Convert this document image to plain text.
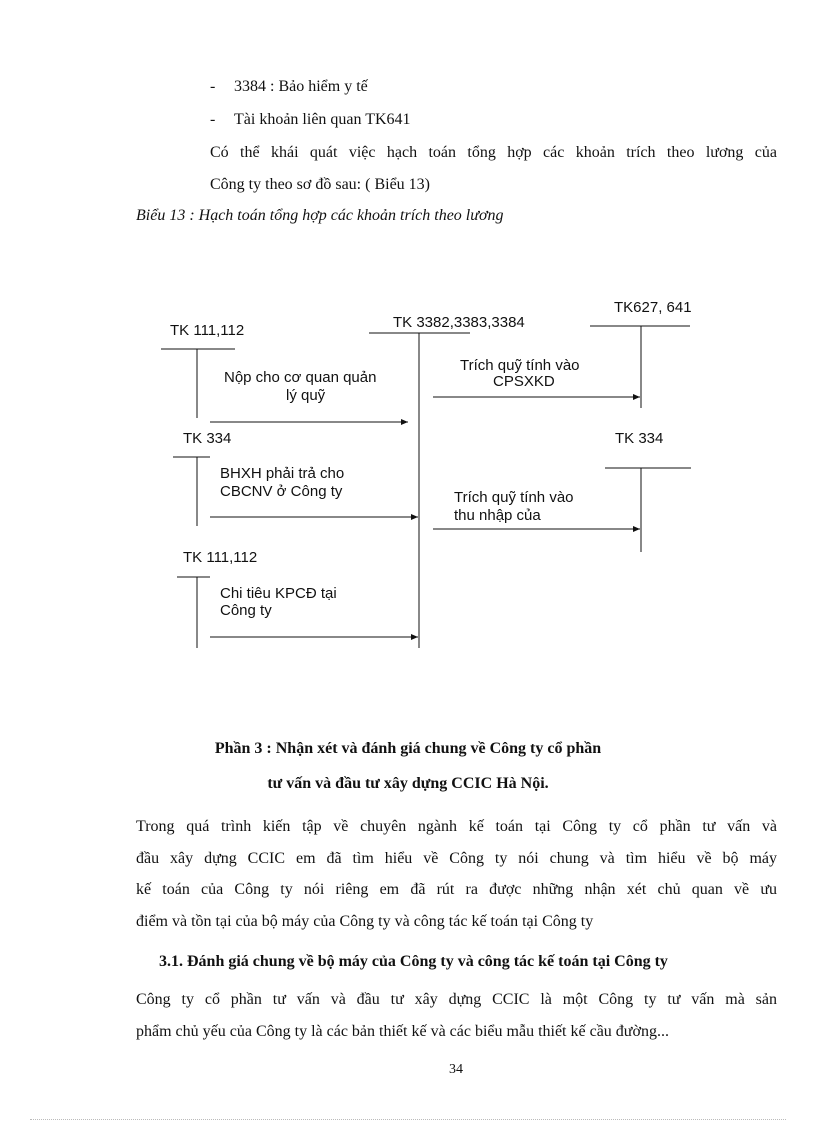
- 3384 : Bảo hiểm y tế
- Tài khoản liên quan TK641
Có thể khái quát việc hạch toán tổng hợp các khoản trích theo lương của
Công ty theo sơ đồ sau: ( Biểu 13)
Biểu 13 : Hạch toán tổng hợp các khoản trích theo lương
TK 111,112	TK 3382,3383,3384
TK627, 641
TK 334	TK 334
TK 111,112
Nộp cho cơ quan quản
lý quỹ
Trích quỹ tính vào
CPSXKD
BHXH phải trả cho
CBCNV ở Công ty	Trích quỹ tính vào
thu nhập của
Chi tiêu KPCĐ tại
Công ty
Phần 3 : Nhận xét và đánh giá chung về Công ty cổ phần
tư vấn và đầu tư xây dựng CCIC Hà Nội.
Trong quá trình kiến tập về chuyên ngành kế toán tại Công ty cổ phần tư vấn và
đầu xây dựng CCIC em đã tìm hiểu về Công ty nói chung và tìm hiểu về bộ máy
kế toán của Công ty nói riêng em đã rút ra được những nhận xét chủ quan về ưu
điểm và tồn tại của bộ máy của Công ty và công tác kế toán tại Công ty
3.1. Đánh giá chung về bộ máy của Công ty và công tác kế toán tại Công ty
Công ty cổ phần tư vấn và đầu tư xây dựng CCIC là một Công ty tư vấn mà sản
phẩm chủ yếu của Công ty là các bản thiết kế và các biểu mẫu thiết kế cầu đường...
34
